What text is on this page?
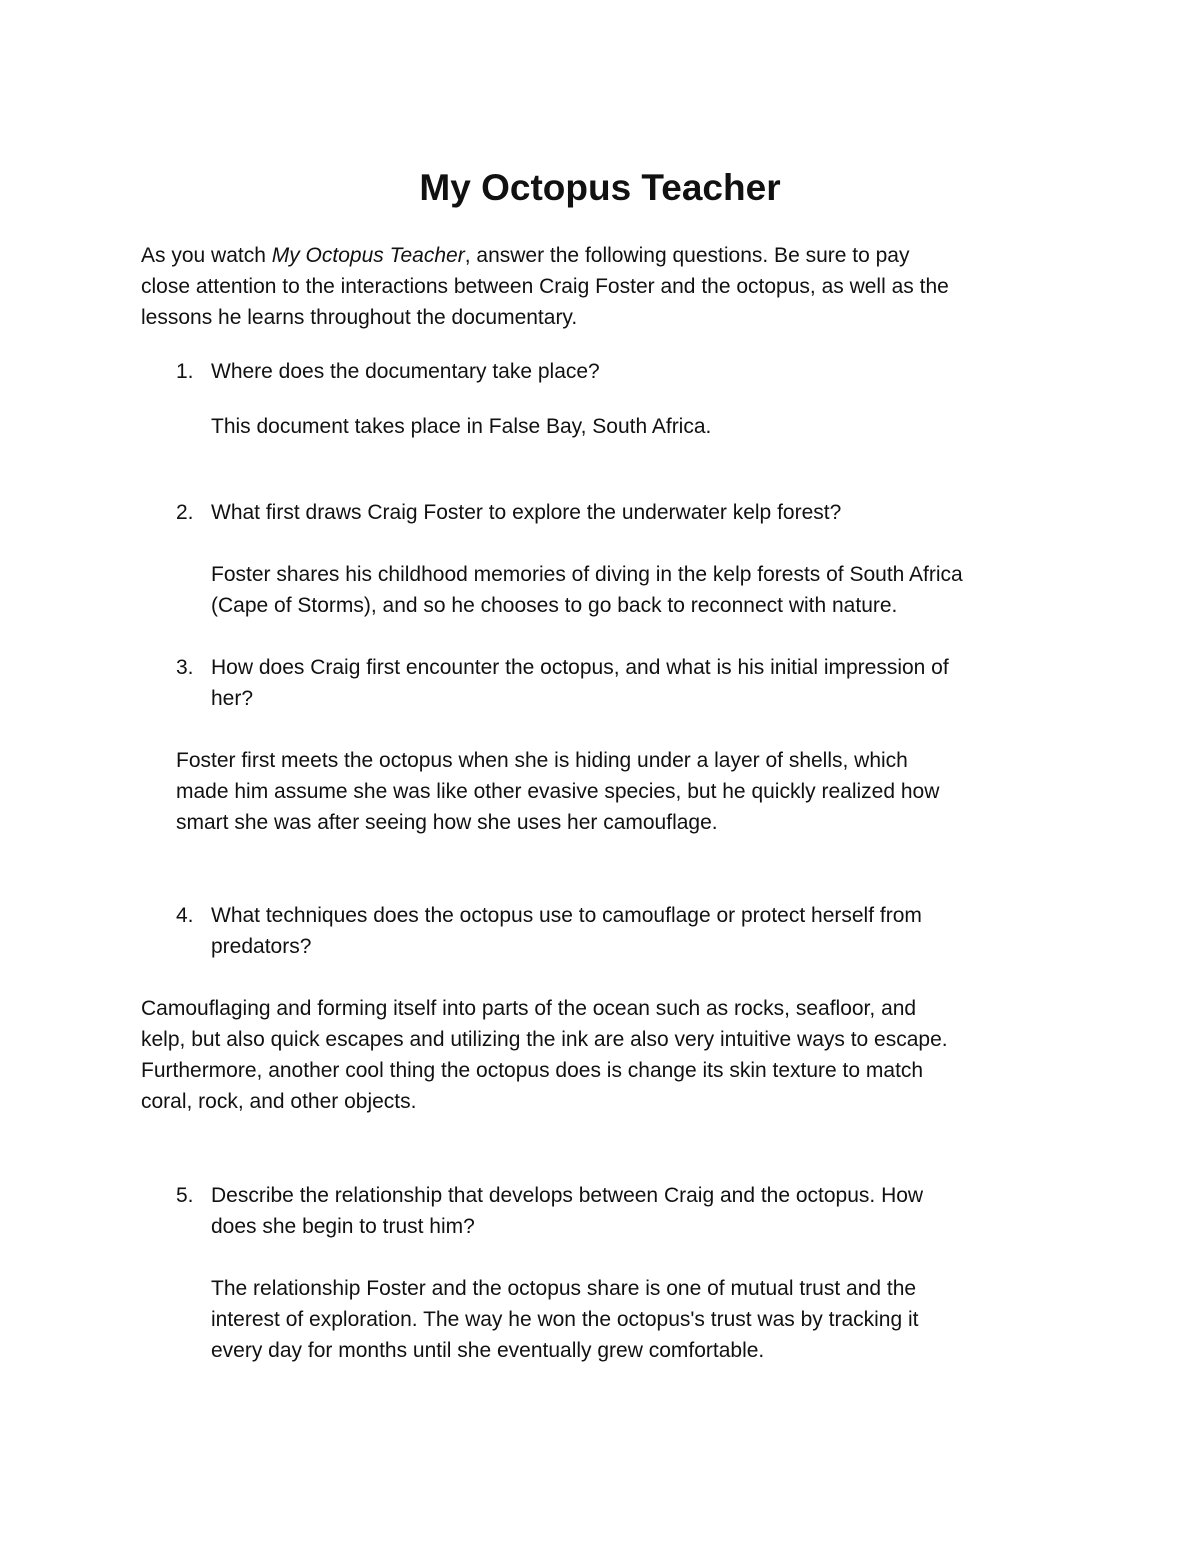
My Octopus Teacher
As you watch My Octopus Teacher, answer the following questions. Be sure to pay
close attention to the interactions between Craig Foster and the octopus, as well as the
lessons he learns throughout the documentary.
1. Where does the documentary take place?
This document takes place in False Bay, South Africa.
2. What first draws Craig Foster to explore the underwater kelp forest?
Foster shares his childhood memories of diving in the kelp forests of South Africa
(Cape of Storms), and so he chooses to go back to reconnect with nature.
3. How does Craig first encounter the octopus, and what is his initial impression of
her?
Foster first meets the octopus when she is hiding under a layer of shells, which
made him assume she was like other evasive species, but he quickly realized how
smart she was after seeing how she uses her camouflage.
4. What techniques does the octopus use to camouflage or protect herself from
predators?
Camouflaging and forming itself into parts of the ocean such as rocks, seafloor, and
kelp, but also quick escapes and utilizing the ink are also very intuitive ways to escape.
Furthermore, another cool thing the octopus does is change its skin texture to match
coral, rock, and other objects.
5. Describe the relationship that develops between Craig and the octopus. How
does she begin to trust him?
The relationship Foster and the octopus share is one of mutual trust and the
interest of exploration. The way he won the octopus's trust was by tracking it
every day for months until she eventually grew comfortable.
